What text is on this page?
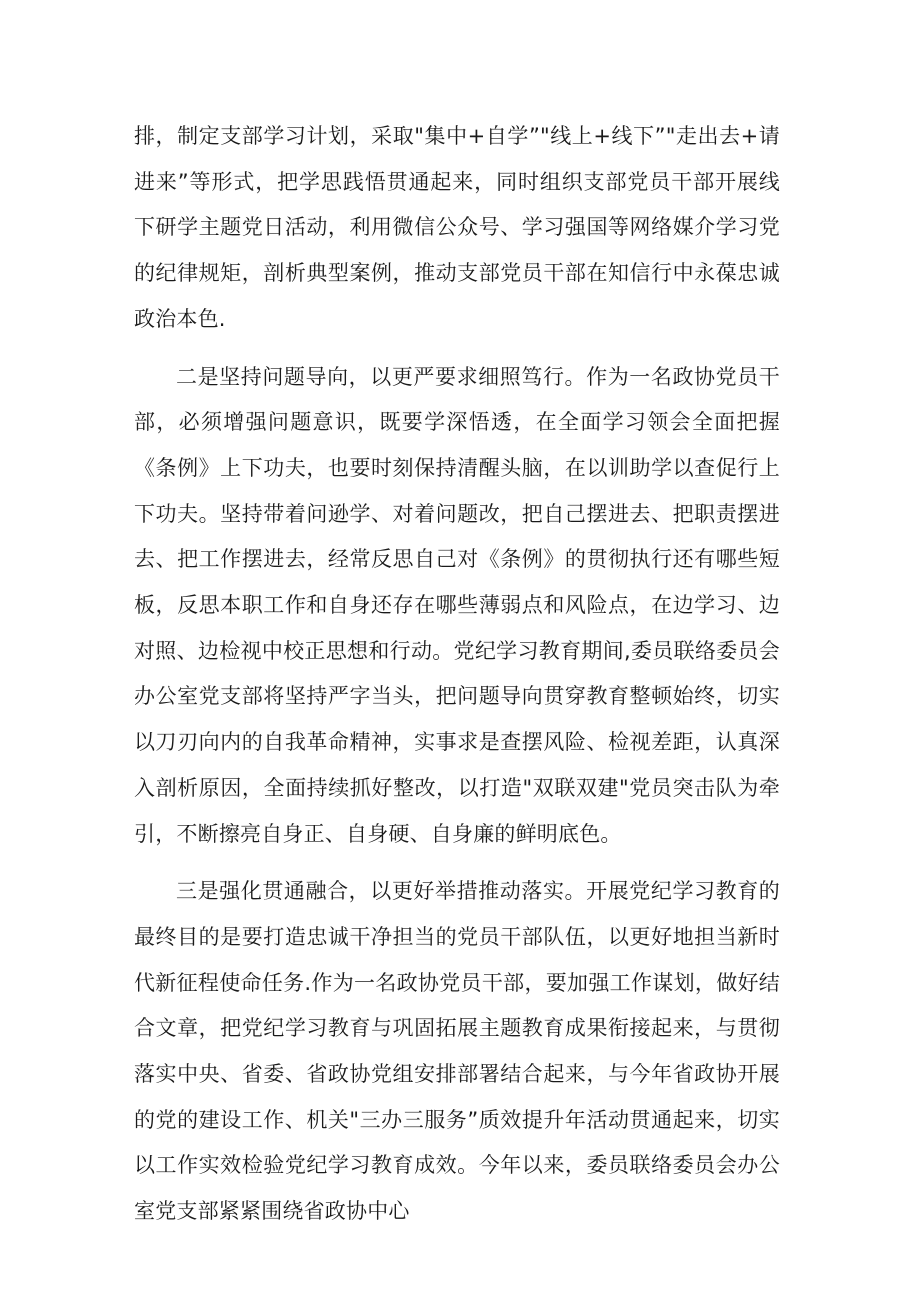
排，制定支部学习计划，采取"集中+自学”"线上+线下”"走出去+请进来”等形式，把学思践悟贯通起来，同时组织支部党员干部开展线下研学主题党日活动，利用微信公众号、学习强国等网络媒介学习党的纪律规矩，剖析典型案例，推动支部党员干部在知信行中永葆忠诚政治本色.

二是坚持问题导向，以更严要求细照笃行。作为一名政协党员干部，必须增强问题意识，既要学深悟透，在全面学习领会全面把握《条例》上下功夫，也要时刻保持清醒头脑，在以训助学以查促行上下功夫。坚持带着问逊学、对着问题改，把自己摆进去、把职责摆进去、把工作摆进去，经常反思自己对《条例》的贯彻执行还有哪些短板，反思本职工作和自身还存在哪些薄弱点和风险点，在边学习、边对照、边检视中校正思想和行动。党纪学习教育期间,委员联络委员会办公室党支部将坚持严字当头，把问题导向贯穿教育整顿始终，切实以刀刃向内的自我革命精神，实事求是查摆风险、检视差距，认真深入剖析原因，全面持续抓好整改，以打造"双联双建"党员突击队为牵引，不断擦亮自身正、自身硬、自身廉的鲜明底色。

三是强化贯通融合，以更好举措推动落实。开展党纪学习教育的最终目的是要打造忠诚干净担当的党员干部队伍，以更好地担当新时代新征程使命任务.作为一名政协党员干部，要加强工作谋划，做好结合文章，把党纪学习教育与巩固拓展主题教育成果衔接起来，与贯彻落实中央、省委、省政协党组安排部署结合起来，与今年省政协开展的党的建设工作、机关"三办三服务”质效提升年活动贯通起来，切实以工作实效检验党纪学习教育成效。今年以来，委员联络委员会办公室党支部紧紧围绕省政协中心
